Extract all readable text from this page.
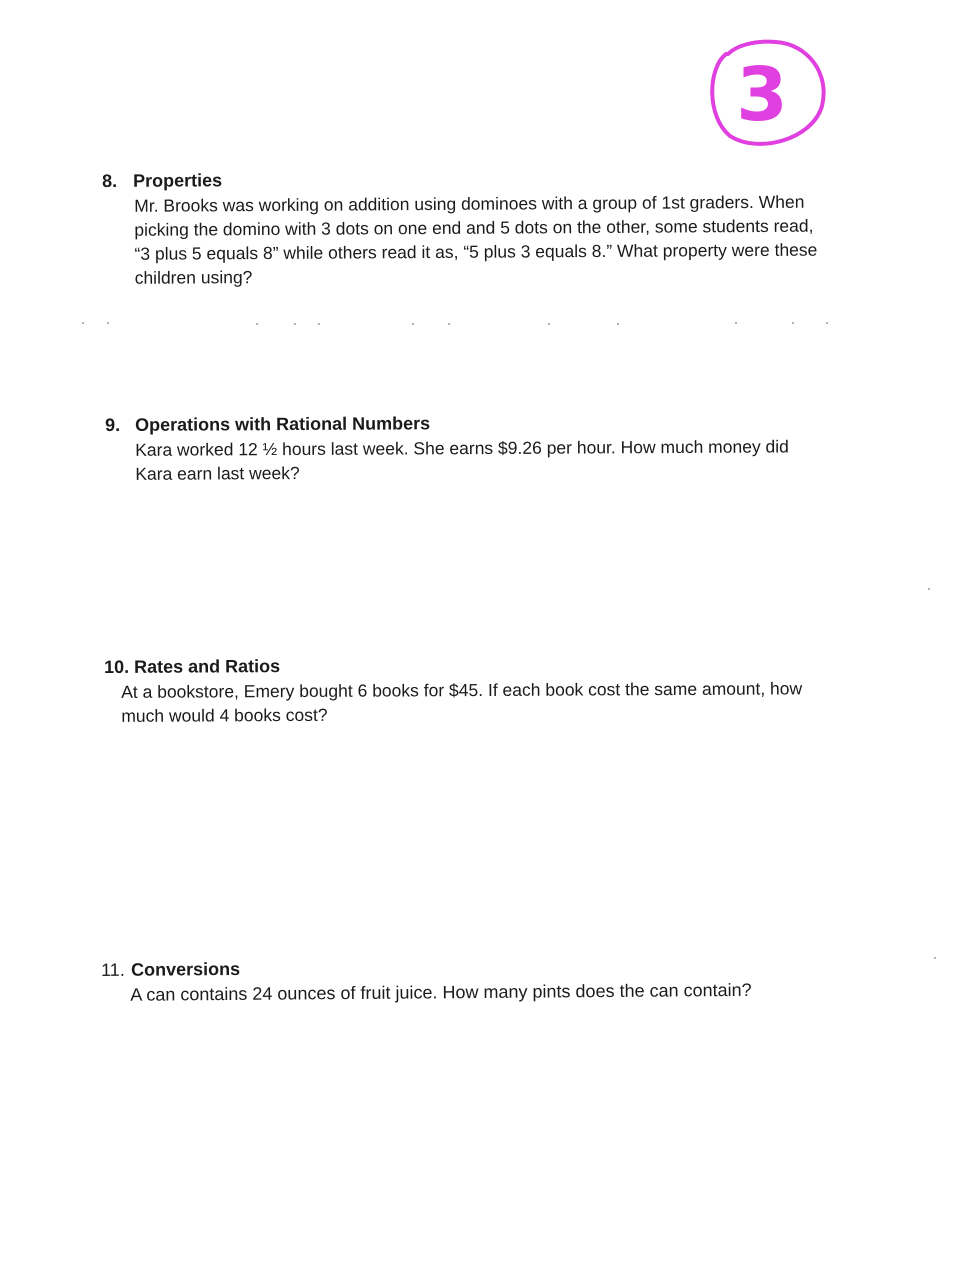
3
8. Properties
Mr. Brooks was working on addition using dominoes with a group of 1st graders. When
picking the domino with 3 dots on one end and 5 dots on the other, some students read,
“3 plus 5 equals 8” while others read it as, “5 plus 3 equals 8.” What property were these
children using?
9. Operations with Rational Numbers
Kara worked 12 ½ hours last week. She earns $9.26 per hour. How much money did
Kara earn last week?
10. Rates and Ratios
At a bookstore, Emery bought 6 books for $45. If each book cost the same amount, how
much would 4 books cost?
11. Conversions
A can contains 24 ounces of fruit juice. How many pints does the can contain?
